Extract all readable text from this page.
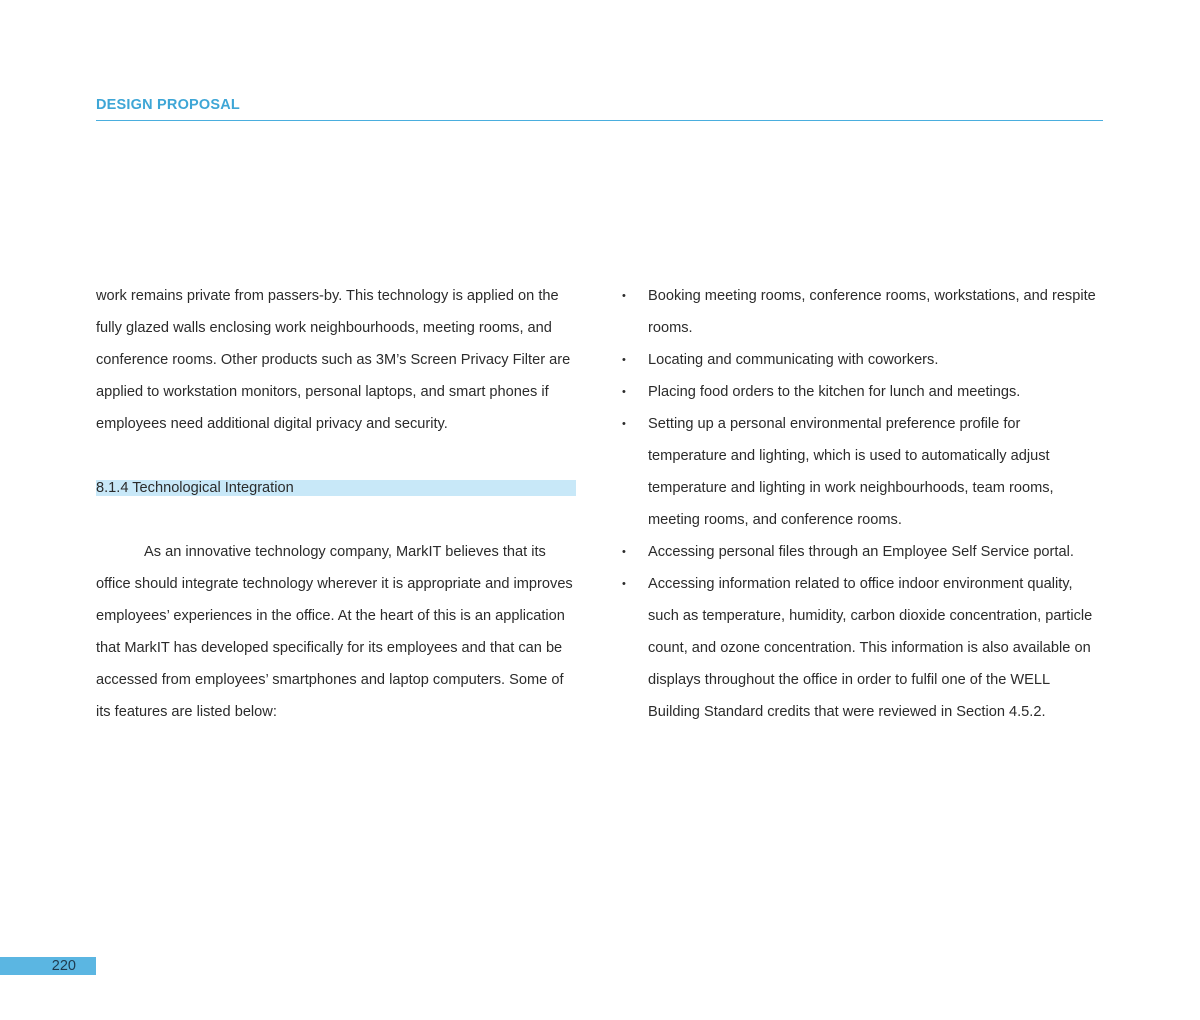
DESIGN PROPOSAL

work remains private from passers-by. This technology is applied on the fully glazed walls enclosing work neighbourhoods, meeting rooms, and conference rooms. Other products such as 3M’s Screen Privacy Filter are applied to workstation monitors, personal laptops, and smart phones if employees need additional digital privacy and security.

8.1.4 Technological Integration

As an innovative technology company, MarkIT believes that its office should integrate technology wherever it is appropriate and improves employees’ experiences in the office. At the heart of this is an application that MarkIT has developed specifically for its employees and that can be accessed from employees’ smartphones and laptop computers. Some of its features are listed below:

• Booking meeting rooms, conference rooms, workstations, and respite rooms.
• Locating and communicating with coworkers.
• Placing food orders to the kitchen for lunch and meetings.
• Setting up a personal environmental preference profile for temperature and lighting, which is used to automatically adjust temperature and lighting in work neighbourhoods, team rooms, meeting rooms, and conference rooms.
• Accessing personal files through an Employee Self Service portal.
• Accessing information related to office indoor environment quality, such as temperature, humidity, carbon dioxide concentration, particle count, and ozone concentration. This information is also available on displays throughout the office in order to fulfil one of the WELL Building Standard credits that were reviewed in Section 4.5.2.
220
